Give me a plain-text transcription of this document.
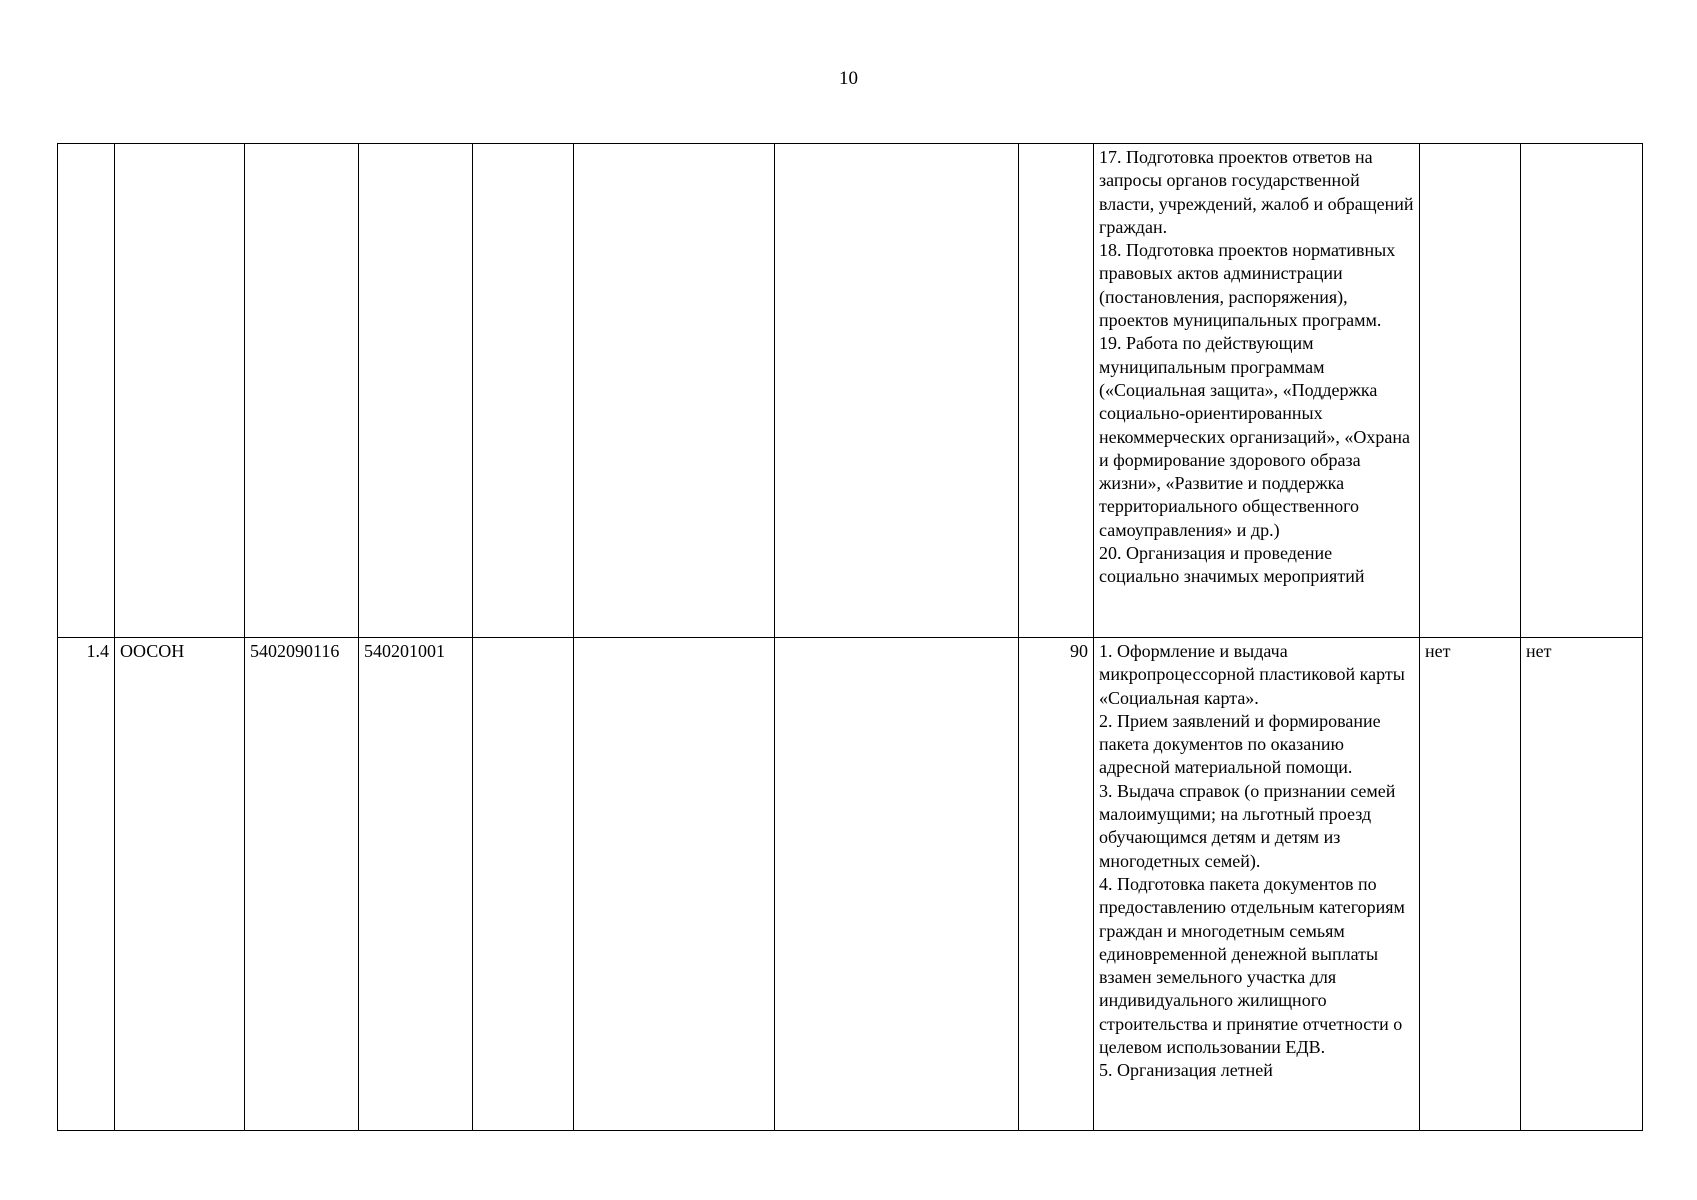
10
								17. Подготовка проектов ответов на запросы органов государственной власти, учреждений, жалоб и обращений граждан.
18. Подготовка проектов нормативных правовых актов администрации (постановления, распоряжения), проектов муниципальных программ.
19. Работа по действующим муниципальным программам («Социальная защита», «Поддержка социально-ориентированных некоммерческих организаций», «Охрана и формирование здорового образа жизни», «Развитие и поддержка территориального общественного самоуправления» и др.)
20. Организация и проведение социально значимых мероприятий		
1.4	ООСОН	5402090116	540201001				90	1. Оформление и выдача микропроцессорной пластиковой карты «Социальная карта».
2. Прием заявлений и формирование пакета документов по оказанию адресной материальной помощи.
3. Выдача справок (о признании семей малоимущими; на льготный проезд обучающимся детям и детям из многодетных семей).
4. Подготовка пакета документов по предоставлению отдельным категориям граждан и многодетным семьям единовременной денежной выплаты взамен земельного участка для индивидуального жилищного строительства и принятие отчетности о целевом использовании ЕДВ.
5. Организация летней	нет	нет
